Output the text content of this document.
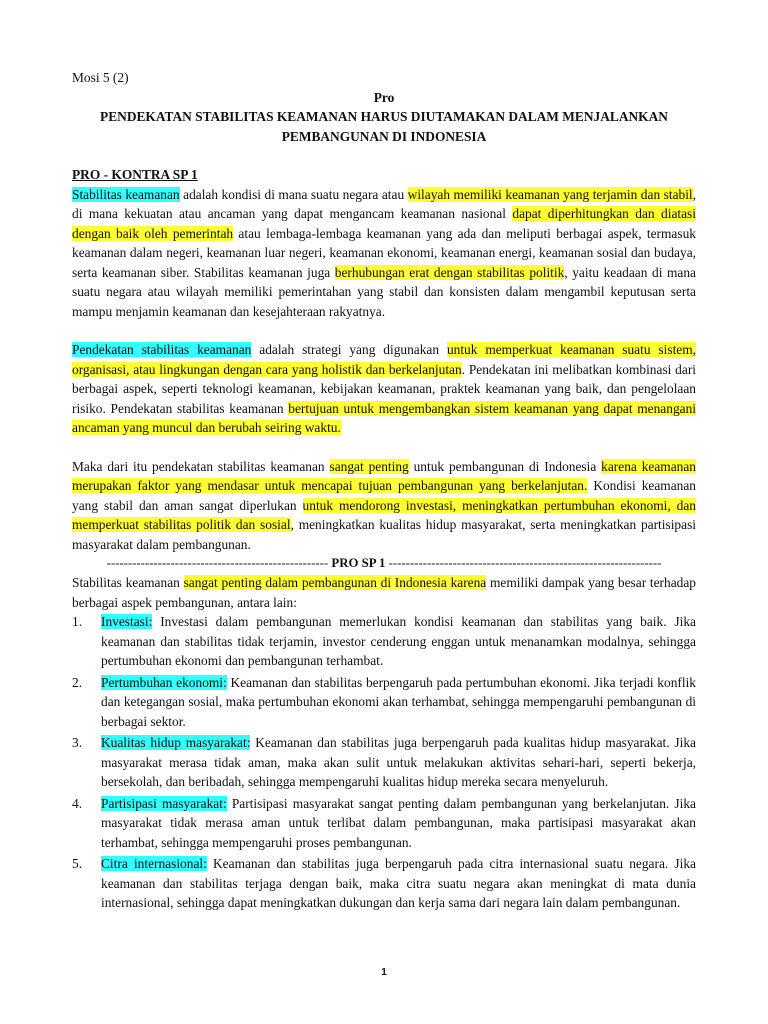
Mosi 5 (2)
Pro
PENDEKATAN STABILITAS KEAMANAN HARUS DIUTAMAKAN DALAM MENJALANKAN
PEMBANGUNAN DI INDONESIA
PRO - KONTRA SP 1

Stabilitas keamanan adalah kondisi di mana suatu negara atau wilayah memiliki keamanan yang terjamin dan stabil, di mana kekuatan atau ancaman yang dapat mengancam keamanan nasional dapat diperhitungkan dan diatasi dengan baik oleh pemerintah atau lembaga-lembaga keamanan yang ada dan meliputi berbagai aspek, termasuk keamanan dalam negeri, keamanan luar negeri, keamanan ekonomi, keamanan energi, keamanan sosial dan budaya, serta keamanan siber. Stabilitas keamanan juga berhubungan erat dengan stabilitas politik, yaitu keadaan di mana suatu negara atau wilayah memiliki pemerintahan yang stabil dan konsisten dalam mengambil keputusan serta mampu menjamin keamanan dan kesejahteraan rakyatnya.

Pendekatan stabilitas keamanan adalah strategi yang digunakan untuk memperkuat keamanan suatu sistem, organisasi, atau lingkungan dengan cara yang holistik dan berkelanjutan. Pendekatan ini melibatkan kombinasi dari berbagai aspek, seperti teknologi keamanan, kebijakan keamanan, praktek keamanan yang baik, dan pengelolaan risiko. Pendekatan stabilitas keamanan bertujuan untuk mengembangkan sistem keamanan yang dapat menangani ancaman yang muncul dan berubah seiring waktu.

Maka dari itu pendekatan stabilitas keamanan sangat penting untuk pembangunan di Indonesia karena keamanan merupakan faktor yang mendasar untuk mencapai tujuan pembangunan yang berkelanjutan. Kondisi keamanan yang stabil dan aman sangat diperlukan untuk mendorong investasi, meningkatkan pertumbuhan ekonomi, dan memperkuat stabilitas politik dan sosial, meningkatkan kualitas hidup masyarakat, serta meningkatkan partisipasi masyarakat dalam pembangunan.

---------------------------------------------------- PRO SP 1 ----------------------------------------------------------------

Stabilitas keamanan sangat penting dalam pembangunan di Indonesia karena memiliki dampak yang besar terhadap berbagai aspek pembangunan, antara lain:

1. Investasi: Investasi dalam pembangunan memerlukan kondisi keamanan dan stabilitas yang baik. Jika keamanan dan stabilitas tidak terjamin, investor cenderung enggan untuk menanamkan modalnya, sehingga pertumbuhan ekonomi dan pembangunan terhambat.
2. Pertumbuhan ekonomi: Keamanan dan stabilitas berpengaruh pada pertumbuhan ekonomi. Jika terjadi konflik dan ketegangan sosial, maka pertumbuhan ekonomi akan terhambat, sehingga mempengaruhi pembangunan di berbagai sektor.
3. Kualitas hidup masyarakat: Keamanan dan stabilitas juga berpengaruh pada kualitas hidup masyarakat. Jika masyarakat merasa tidak aman, maka akan sulit untuk melakukan aktivitas sehari-hari, seperti bekerja, bersekolah, dan beribadah, sehingga mempengaruhi kualitas hidup mereka secara menyeluruh.
4. Partisipasi masyarakat: Partisipasi masyarakat sangat penting dalam pembangunan yang berkelanjutan. Jika masyarakat tidak merasa aman untuk terlibat dalam pembangunan, maka partisipasi masyarakat akan terhambat, sehingga mempengaruhi proses pembangunan.
5. Citra internasional: Keamanan dan stabilitas juga berpengaruh pada citra internasional suatu negara. Jika keamanan dan stabilitas terjaga dengan baik, maka citra suatu negara akan meningkat di mata dunia internasional, sehingga dapat meningkatkan dukungan dan kerja sama dari negara lain dalam pembangunan.
1
